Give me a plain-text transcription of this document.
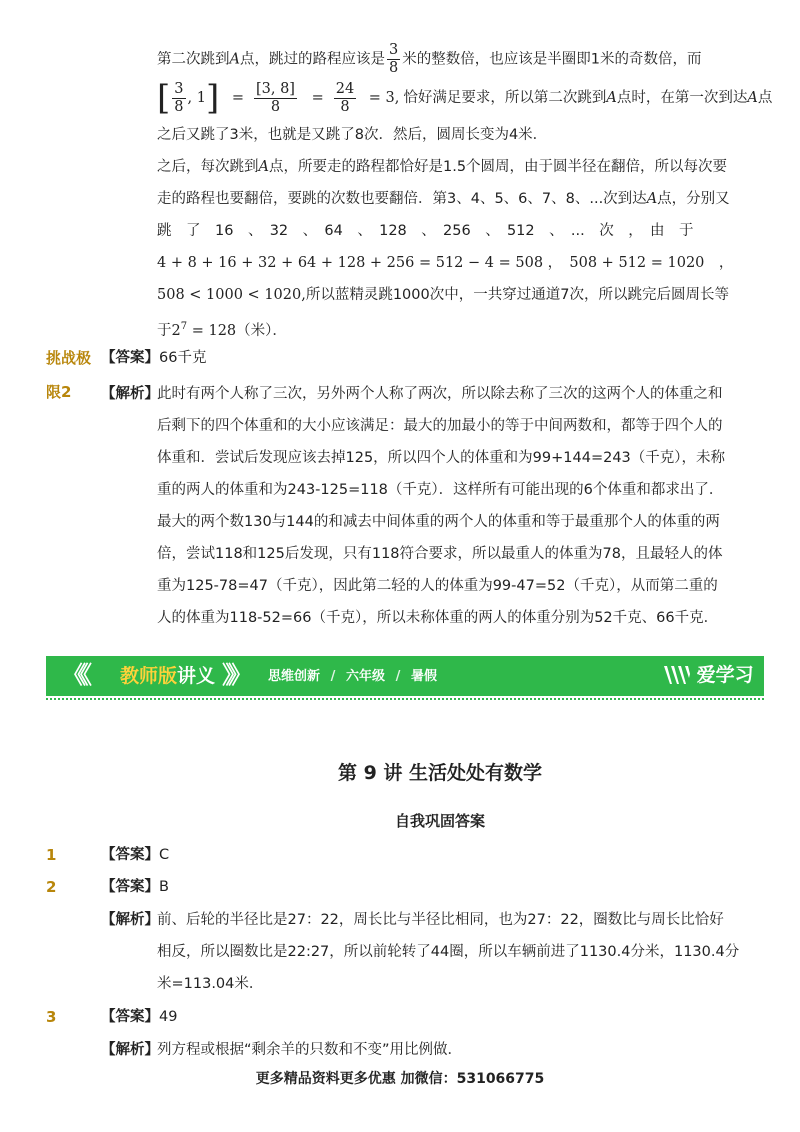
第二次跳到A点，跳过的路程应该是 $\frac{3}{8}$ 米的整数倍，也应该是半圈即1米的奇数倍，而
[ $\frac{3}{8}$ , $1] = \frac{[3, 8]}{8} = \frac{24}{8} = 3$, 恰好满足要求，所以第二次跳到A点时，在第一次到达A点
之后又跳了3米，也就是又跳了8次．然后，圆周长变为4米．
之后，每次跳到A点，所要走的路程都恰好是1.5个圆周，由于圆半径在翻倍，所以每次要
走的路程也要翻倍，要跳的次数也要翻倍．第3、4、5、6、7、8、...次到达A点，分别又
跳　了　16　、　32　、　64　、　128　、　256　、　512　、　...　次　，　由　于
4 + 8 + 16 + 32 + 64 + 128 + 256 = 512 − 4 = 508 ，　508 + 512 = 1020　，
508 < 1000 < 1020,所以蓝精灵跳1000次中，一共穿过通道7次，所以跳完后圆周长等
于$2^7 = 128$（米）．
挑战极
限2
【答案】66千克
【解析】
此时有两个人称了三次，另外两个人称了两次，所以除去称了三次的这两个人的体重之和
后剩下的四个体重和的大小应该满足：最大的加最小的等于中间两数和，都等于四个人的
体重和．尝试后发现应该去掉125，所以四个人的体重和为99+144=243（千克），未称
重的两人的体重和为243-125=118（千克）．这样所有可能出现的6个体重和都求出了．
最大的两个数130与144的和减去中间体重的两个人的体重和等于最重那个人的体重的两
倍，尝试118和125后发现，只有118符合要求，所以最重人的体重为78，且最轻人的体
重为125-78=47（千克），因此第二轻的人的体重为99-47=52（千克），从而第二重的
人的体重为118-52=66（千克），所以未称体重的两人的体重分别为52千克、66千克．
《《 教师版讲义 》》 思维创新 / 六年级 / 暑假	爱学习
第 9 讲 生活处处有数学
自我巩固答案
1	【答案】C
2	【答案】B
【解析】
前、后轮的半径比是27：22，周长比与半径比相同，也为27：22，圈数比与周长比恰好
相反，所以圈数比是22:27，所以前轮转了44圈，所以车辆前进了1130.4分米，1130.4分
米=113.04米．
3	【答案】49
【解析】
列方程或根据“剩余羊的只数和不变”用比例做．
更多精品资料更多优惠 加微信：531066775
